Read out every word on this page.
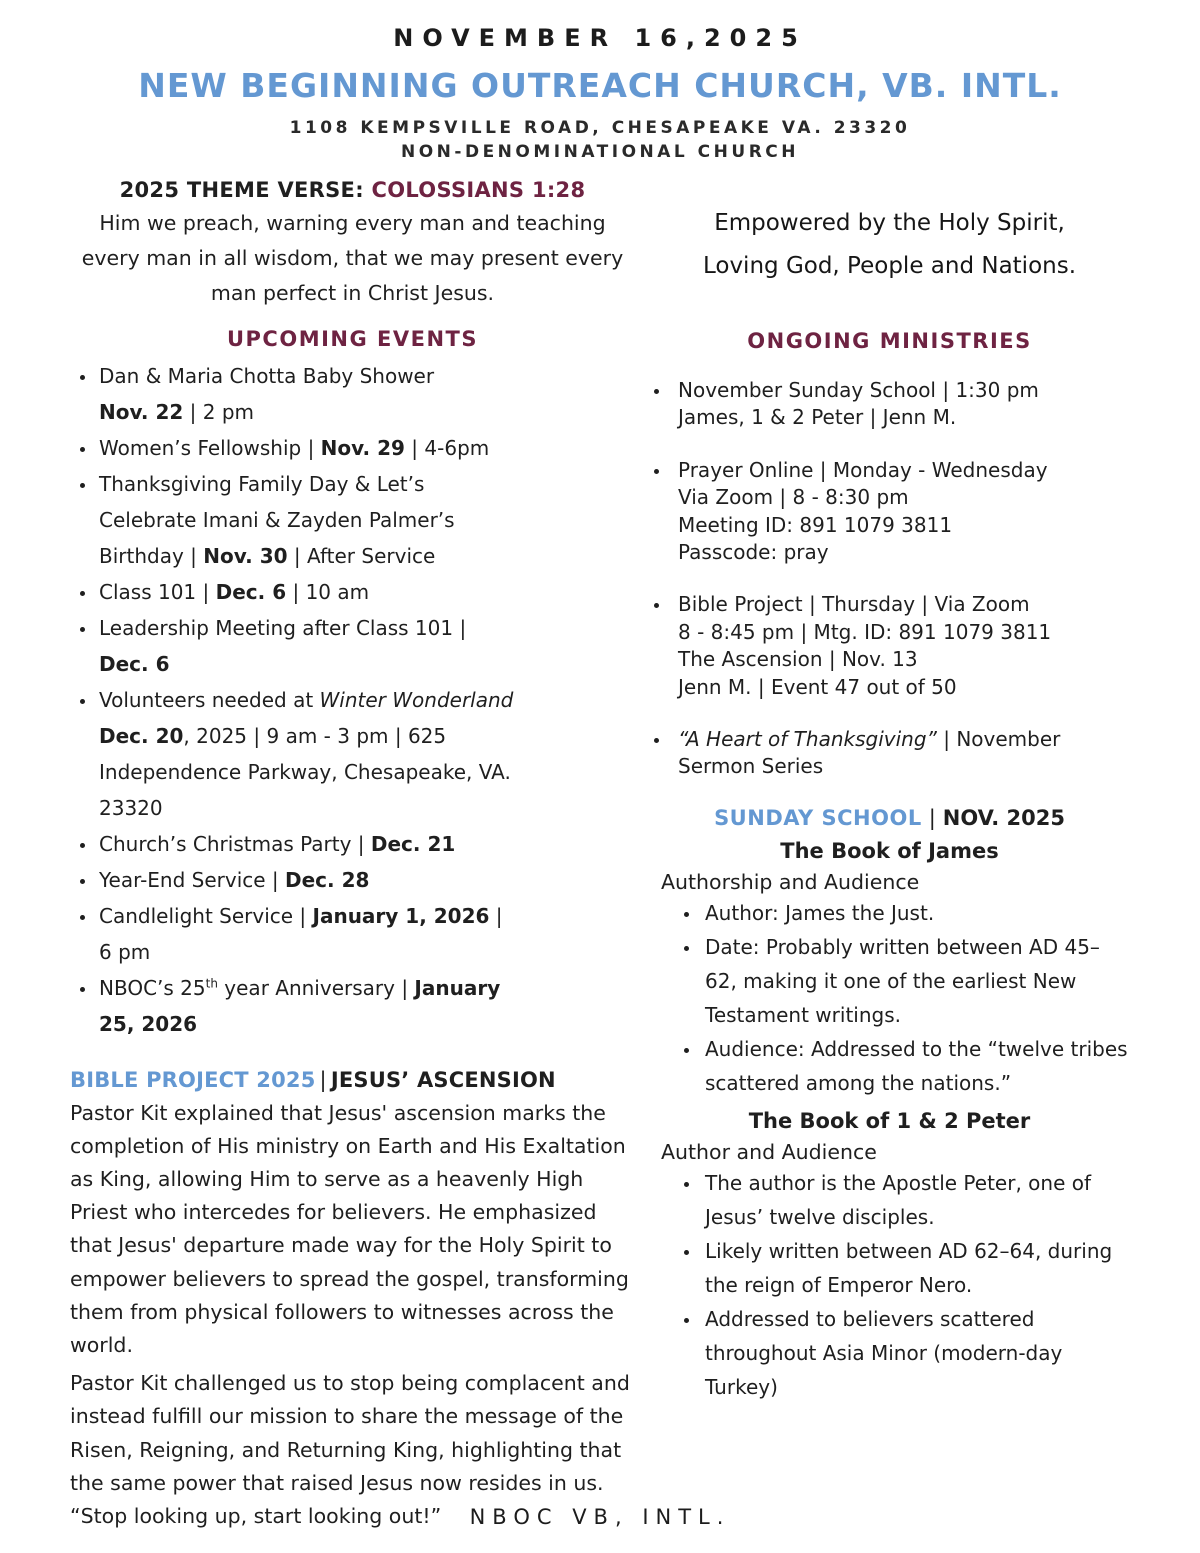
NOVEMBER 16,2025
NEW BEGINNING OUTREACH CHURCH, VB. INTL.
1108 KEMPSVILLE ROAD, CHESAPEAKE VA. 23320
NON-DENOMINATIONAL CHURCH
2025 THEME VERSE: COLOSSIANS 1:28

Him we preach, warning every man and teaching every man in all wisdom, that we may present every man perfect in Christ Jesus.

UPCOMING EVENTS
• Dan & Maria Chotta Baby Shower
Nov. 22 | 2 pm
• Women’s Fellowship | Nov. 29 | 4-6pm
• Thanksgiving Family Day & Let’s
Celebrate Imani & Zayden Palmer’s
Birthday | Nov. 30 | After Service
• Class 101 | Dec. 6 | 10 am
• Leadership Meeting after Class 101 |
Dec. 6
• Volunteers needed at Winter Wonderland
Dec. 20, 2025 | 9 am - 3 pm | 625
Independence Parkway, Chesapeake, VA.
23320
• Church’s Christmas Party | Dec. 21
• Year-End Service | Dec. 28
• Candlelight Service | January 1, 2026 |
6 pm
• NBOC’s 25th year Anniversary | January
25, 2026
BIBLE PROJECT 2025 | JESUS’ ASCENSION

Pastor Kit explained that Jesus' ascension marks the completion of His ministry on Earth and His Exaltation as King, allowing Him to serve as a heavenly High Priest who intercedes for believers. He emphasized that Jesus' departure made way for the Holy Spirit to empower believers to spread the gospel, transforming them from physical followers to witnesses across the world.

Pastor Kit challenged us to stop being complacent and instead fulfill our mission to share the message of the Risen, Reigning, and Returning King, highlighting that the same power that raised Jesus now resides in us. “Stop looking up, start looking out!”

Empowered by the Holy Spirit,
Loving God, People and Nations.
ONGOING MINISTRIES
• November Sunday School | 1:30 pm
James, 1 & 2 Peter | Jenn M.
• Prayer Online | Monday - Wednesday
Via Zoom | 8 - 8:30 pm
Meeting ID: 891 1079 3811
Passcode: pray
• Bible Project | Thursday | Via Zoom
8 - 8:45 pm | Mtg. ID: 891 1079 3811
The Ascension | Nov. 13
Jenn M. | Event 47 out of 50
• “A Heart of Thanksgiving” | November Sermon Series
SUNDAY SCHOOL | NOV. 2025
The Book of James
Authorship and Audience
• Author: James the Just.
• Date: Probably written between AD 45–62, making it one of the earliest New Testament writings.
• Audience: Addressed to the “twelve tribes scattered among the nations.”
The Book of 1 & 2 Peter
Author and Audience
• The author is the Apostle Peter, one of Jesus’ twelve disciples.
• Likely written between AD 62–64, during the reign of Emperor Nero.
• Addressed to believers scattered throughout Asia Minor (modern-day Turkey)
NBOC VB, INTL.
